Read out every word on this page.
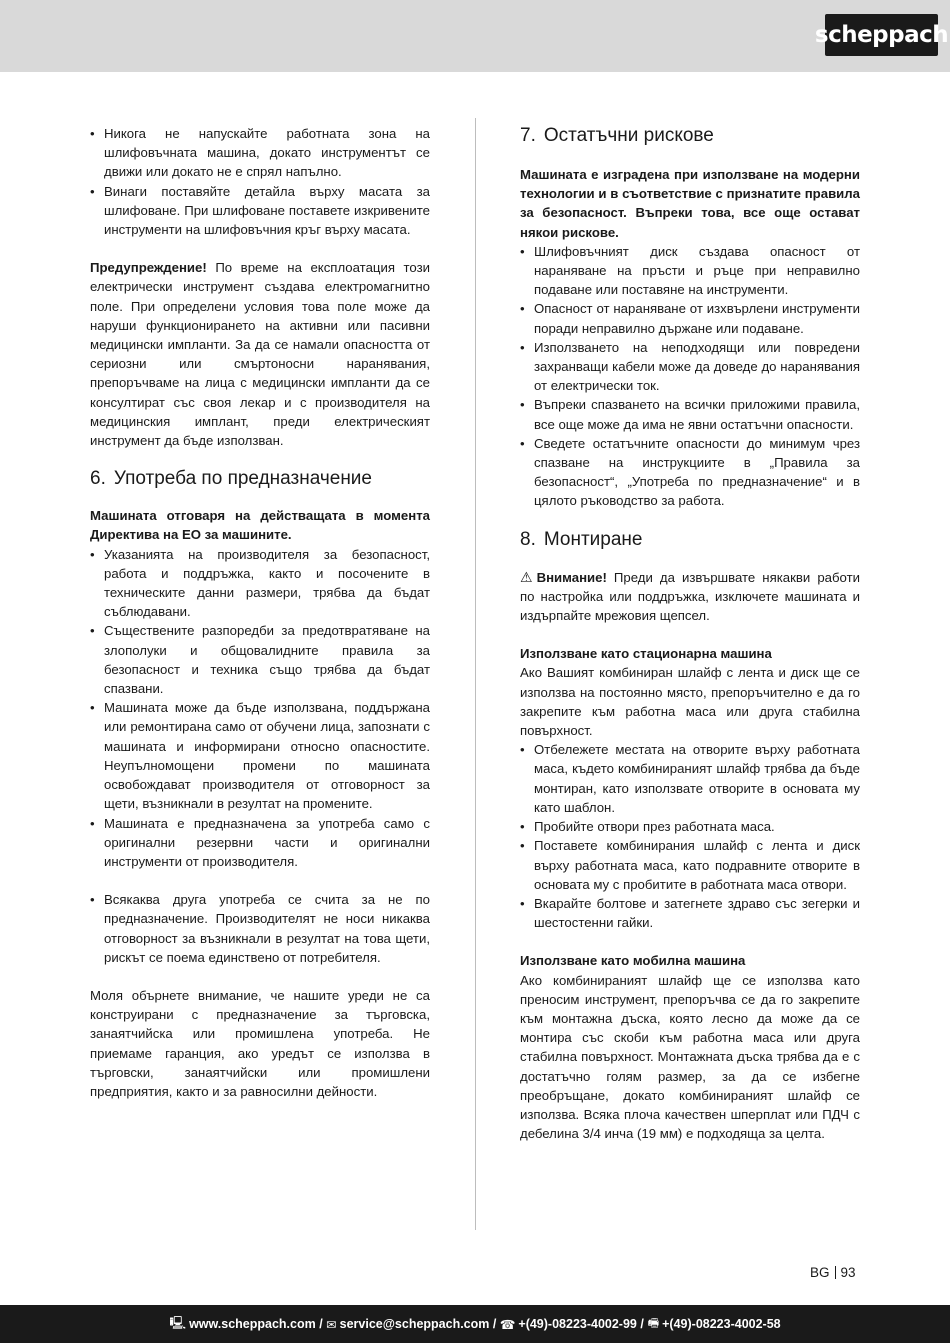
scheppach
• Никога не напускайте работната зона на шлифовъчната машина, докато инструментът се движи или докато не е спрял напълно.
• Винаги поставяйте детайла върху масата за шлифоване. При шлифоване поставете изкривените инструменти на шлифовъчния кръг върху масата.

Предупреждение! По време на експлоатация този електрически инструмент създава електромагнитно поле. При определени условия това поле може да наруши функционирането на активни или пасивни медицински импланти. За да се намали опасността от сериозни или смъртоносни наранявания, препоръчваме на лица с медицински импланти да се консултират със своя лекар и с производителя на медицинския имплант, преди електрическият инструмент да бъде използван.

6. Употреба по предназначение

Машината отговаря на действащата в момента Директива на ЕО за машините.

• Указанията на производителя за безопасност, работа и поддръжка, както и посочените в техническите данни размери, трябва да бъдат съблюдавани.
• Съществените разпоредби за предотвратяване на злополуки и общовалидните правила за безопасност и техника също трябва да бъдат спазвани.
• Машината може да бъде използвана, поддържана или ремонтирана само от обучени лица, запознати с машината и информирани относно опасностите. Неупълномощени промени по машината освобождават производителя от отговорност за щети, възникнали в резултат на промените.
• Машината е предназначена за употреба само с оригинални резервни части и оригинални инструменти от производителя.
• Всякаква друга употреба се счита за не по предназначение. Производителят не носи никаква отговорност за възникнали в резултат на това щети, рискът се поема единствено от потребителя.

Моля обърнете внимание, че нашите уреди не са конструирани с предназначение за търговска, занаятчийска или промишлена употреба. Не приемаме гаранция, ако уредът се използва в търговски, занаятчийски или промишлени предприятия, както и за равносилни дейности.

7. Остатъчни рискове

Машината е изградена при използване на модерни технологии и в съответствие с признатите правила за безопасност. Въпреки това, все още остават някои рискове.

• Шлифовъчният диск създава опасност от нараняване на пръсти и ръце при неправилно подаване или поставяне на инструменти.
• Опасност от нараняване от изхвърлени инструменти поради неправилно държане или подаване.
• Използването на неподходящи или повредени захранващи кабели може да доведе до наранявания от електрически ток.
• Въпреки спазването на всички приложими правила, все още може да има не явни остатъчни опасности.
• Сведете остатъчните опасности до минимум чрез спазване на инструкциите в „Правила за безопасност“, „Употреба по предназначение“ и в цялото ръководство за работа.
8. Монтиране

⚠ Внимание! Преди да извършвате някакви работи по настройка или поддръжка, изключете машината и издърпайте мрежовия щепсел.

Използване като стационарна машина

Ако Вашият комбиниран шлайф с лента и диск ще се използва на постоянно място, препоръчително е да го закрепите към работна маса или друга стабилна повърхност.

• Отбележете местата на отворите върху работната маса, където комбинираният шлайф трябва да бъде монтиран, като използвате отворите в основата му като шаблон.
• Пробийте отвори през работната маса.
• Поставете комбинирания шлайф с лента и диск върху работната маса, като подравните отворите в основата му с пробитите в работната маса отвори.
• Вкарайте болтове и затегнете здраво със зегерки и шестостенни гайки.

Използване като мобилна машина

Ако комбинираният шлайф ще се използва като преносим инструмент, препоръчва се да го закрепите към монтажна дъска, която лесно да може да се монтира със скоби към работна маса или друга стабилна повърхност. Монтажната дъска трябва да е с достатъчно голям размер, за да се избегне преобръщане, докато комбинираният шлайф се използва. Всяка плоча качествен шперплат или ПДЧ с дебелина 3/4 инча (19 мм) е подходяща за целта.

BG 93
🖳 www.scheppach.com / ✉ service@scheppach.com / ☎ +(49)-08223-4002-99 / 🖷 +(49)-08223-4002-58
